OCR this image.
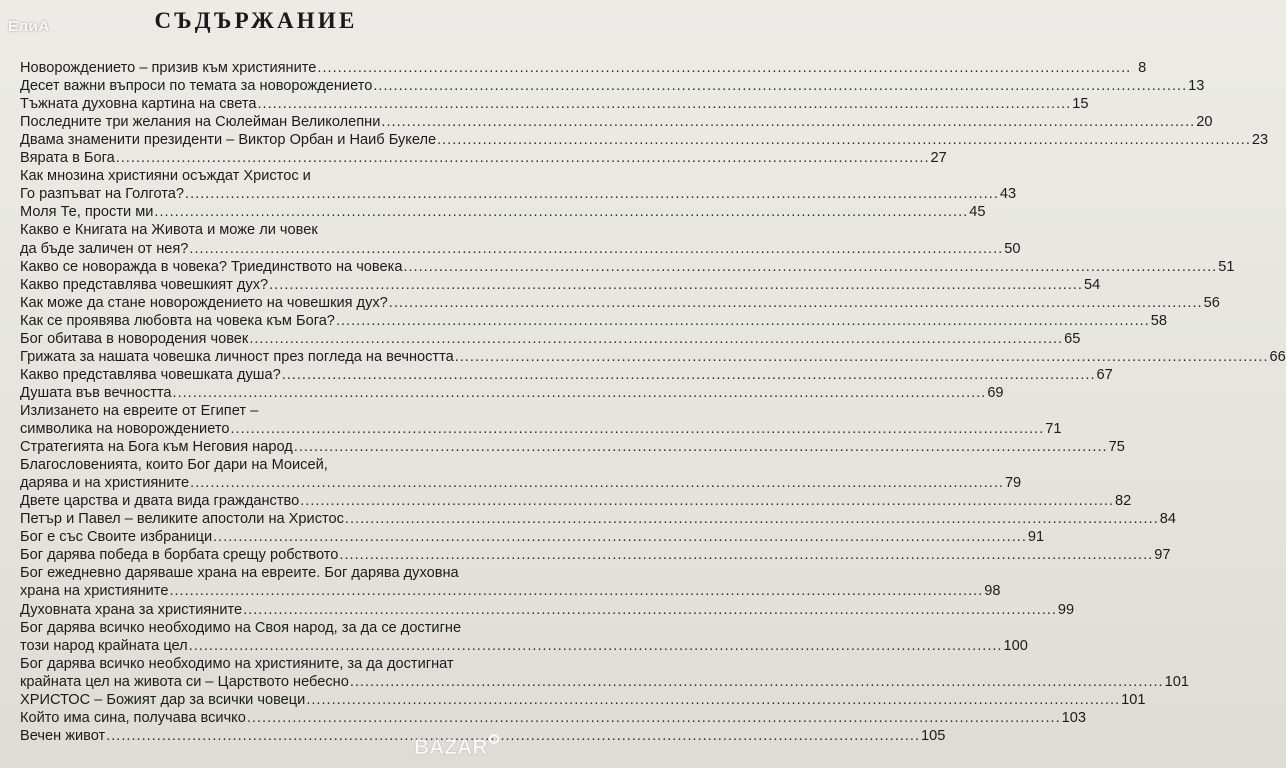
ЕлиА	СЪДЪРЖАНИЕ
Новорождението – призив към християните .....	8
Десет важни въпроси по темата за новорождението .....	13
Тъжната духовна картина на света .....	15
Последните три желания на Сюлейман Великолепни .....	20
Двама знаменити президенти – Виктор Орбан и Наиб Букеле .....	23
Вярата в Бога .....	27
Как мнозина християни осъждат Христос и
Го разпъват на Голгота? .....	43
Моля Те, прости ми .....	45
Какво е Книгата на Живота и може ли човек
да бъде заличен от нея? .....	50
Какво се новоражда в човека? Триединството на човека .....	51
Какво представлява човешкият дух? .....	54
Как може да стане новорождението на човешкия дух? .....	56
Как се проявява любовта на човека към Бога? .....	58
Бог обитава в новородения човек .....	65
Грижата за нашата човешка личност през погледа на вечността .....	66
Какво представлява човешката душа? .....	67
Душата във вечността .....	69
Излизането на евреите от Египет –
символика на новорождението .....	71
Стратегията на Бога към Неговия народ .....	75
Благословенията, които Бог дари на Моисей,
дарява и на християните .....	79
Двете царства и двата вида гражданство .....	82
Петър и Павел – великите апостоли на Христос .....	84
Бог е със Своите избраници .....	91
Бог дарява победа в борбата срещу робството .....	97
Бог ежедневно даряваше храна на евреите. Бог дарява духовна
храна на християните .....	98
Духовната храна за християните .....	99
Бог дарява всичко необходимо на Своя народ, за да се достигне
този народ крайната цел .....	100
Бог дарява всичко необходимо на християните, за да достигнат
крайната цел на живота си – Царството небесно .....	101
ХРИСТОС – Божият дар за всички човеци .....	101
Който има сина, получава всичко .....	103
Вечен живот .....	105
BAZAR
